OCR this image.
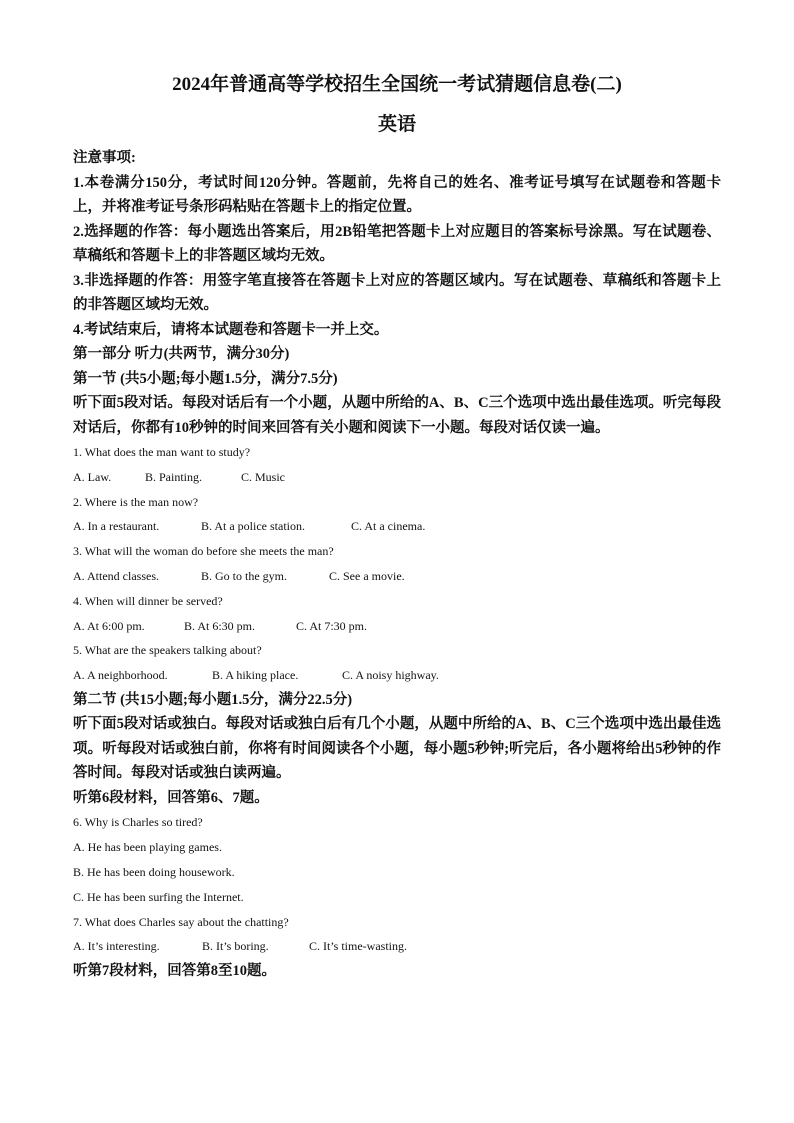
2024年普通高等学校招生全国统一考试猜题信息卷(二)
英语
注意事项:
1.本卷满分150分，考试时间120分钟。答题前，先将自己的姓名、准考证号填写在试题卷和答题卡上，并将准考证号条形码粘贴在答题卡上的指定位置。
2.选择题的作答：每小题选出答案后，用2B铅笔把答题卡上对应题目的答案标号涂黑。写在试题卷、草稿纸和答题卡上的非答题区域均无效。
3.非选择题的作答：用签字笔直接答在答题卡上对应的答题区域内。写在试题卷、草稿纸和答题卡上的非答题区域均无效。
4.考试结束后，请将本试题卷和答题卡一并上交。
第一部分 听力(共两节，满分30分)
第一节 (共5小题;每小题1.5分，满分7.5分)
听下面5段对话。每段对话后有一个小题，从题中所给的A、B、C三个选项中选出最佳选项。听完每段对话后，你都有10秒钟的时间来回答有关小题和阅读下一小题。每段对话仅读一遍。
1. What does the man want to study?
A. Law.	B. Painting.	C. Music
2. Where is the man now?
A. In a restaurant.	B. At a police station.	C. At a cinema.
3. What will the woman do before she meets the man?
A. Attend classes.	B. Go to the gym.	C. See a movie.
4. When will dinner be served?
A. At 6:00 pm.	B. At 6:30 pm.	C. At 7:30 pm.
5. What are the speakers talking about?
A. A neighborhood.	B. A hiking place.	C. A noisy highway.
第二节 (共15小题;每小题1.5分，满分22.5分)
听下面5段对话或独白。每段对话或独白后有几个小题，从题中所给的A、B、C三个选项中选出最佳选项。听每段对话或独白前，你将有时间阅读各个小题，每小题5秒钟;听完后，各小题将给出5秒钟的作答时间。每段对话或独白读两遍。
听第6段材料，回答第6、7题。
6. Why is Charles so tired?
A. He has been playing games.
B. He has been doing housework.
C. He has been surfing the Internet.
7. What does Charles say about the chatting?
A. It’s interesting.	B. It’s boring.	C. It’s time-wasting.
听第7段材料，回答第8至10题。
